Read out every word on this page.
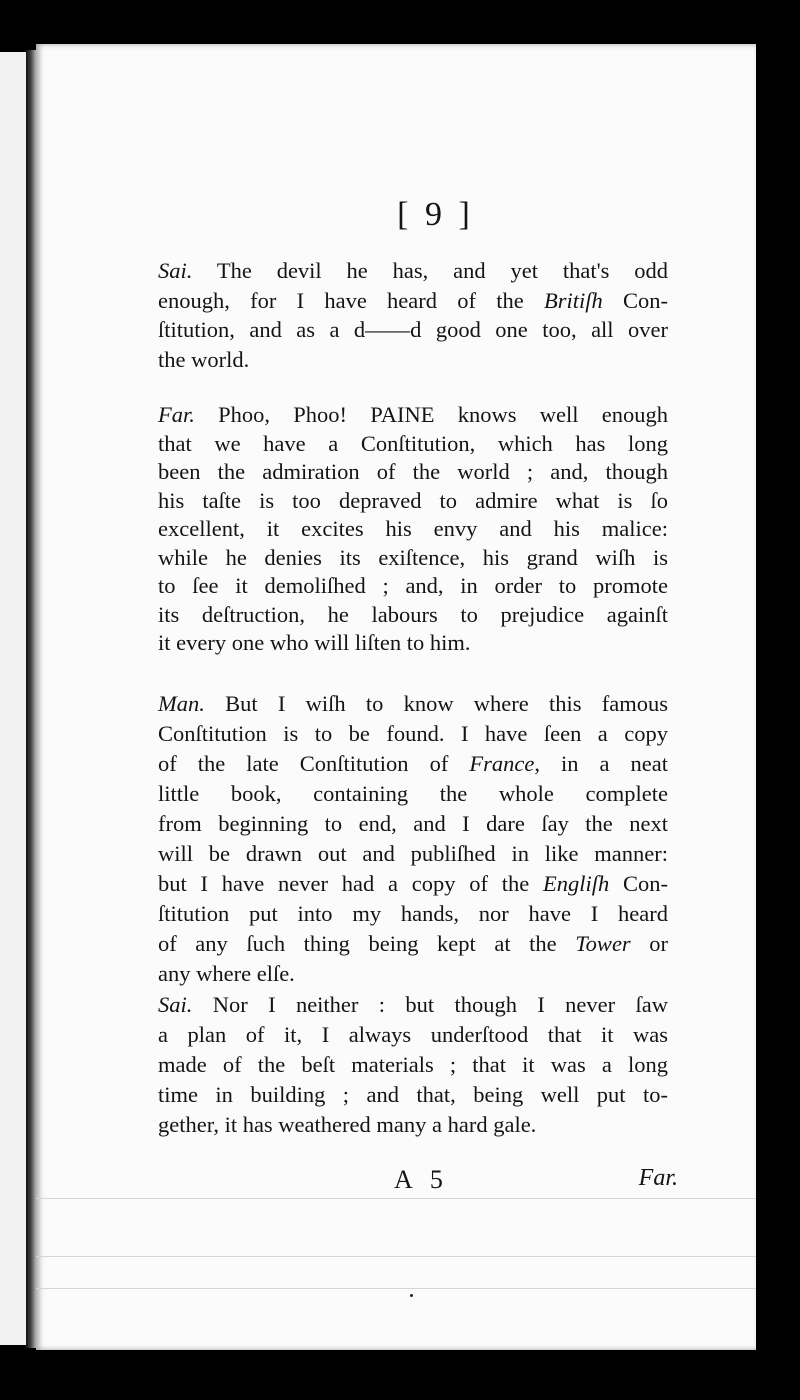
[ 9 ]
Sai. The devil he has, and yet that's odd
enough, for I have heard of the Britiſh Con-
ſtitution, and as a d——d good one too, all over
the world.
Far. Phoo, Phoo! PAINE knows well enough
that we have a Conſtitution, which has long
been the admiration of the world ; and, though
his taſte is too depraved to admire what is ſo
excellent, it excites his envy and his malice:
while he denies its exiſtence, his grand wiſh is
to ſee it demoliſhed ; and, in order to promote
its deſtruction, he labours to prejudice againſt
it every one who will liſten to him.
Man. But I wiſh to know where this famous
Conſtitution is to be found. I have ſeen a copy
of the late Conſtitution of France, in a neat
little book, containing the whole complete
from beginning to end, and I dare ſay the next
will be drawn out and publiſhed in like manner:
but I have never had a copy of the Engliſh Con-
ſtitution put into my hands, nor have I heard
of any ſuch thing being kept at the Tower or
any where elſe.
Sai. Nor I neither : but though I never ſaw
a plan of it, I always underſtood that it was
made of the beſt materials ; that it was a long
time in building ; and that, being well put to-
gether, it has weathered many a hard gale.
A 5	Far.
